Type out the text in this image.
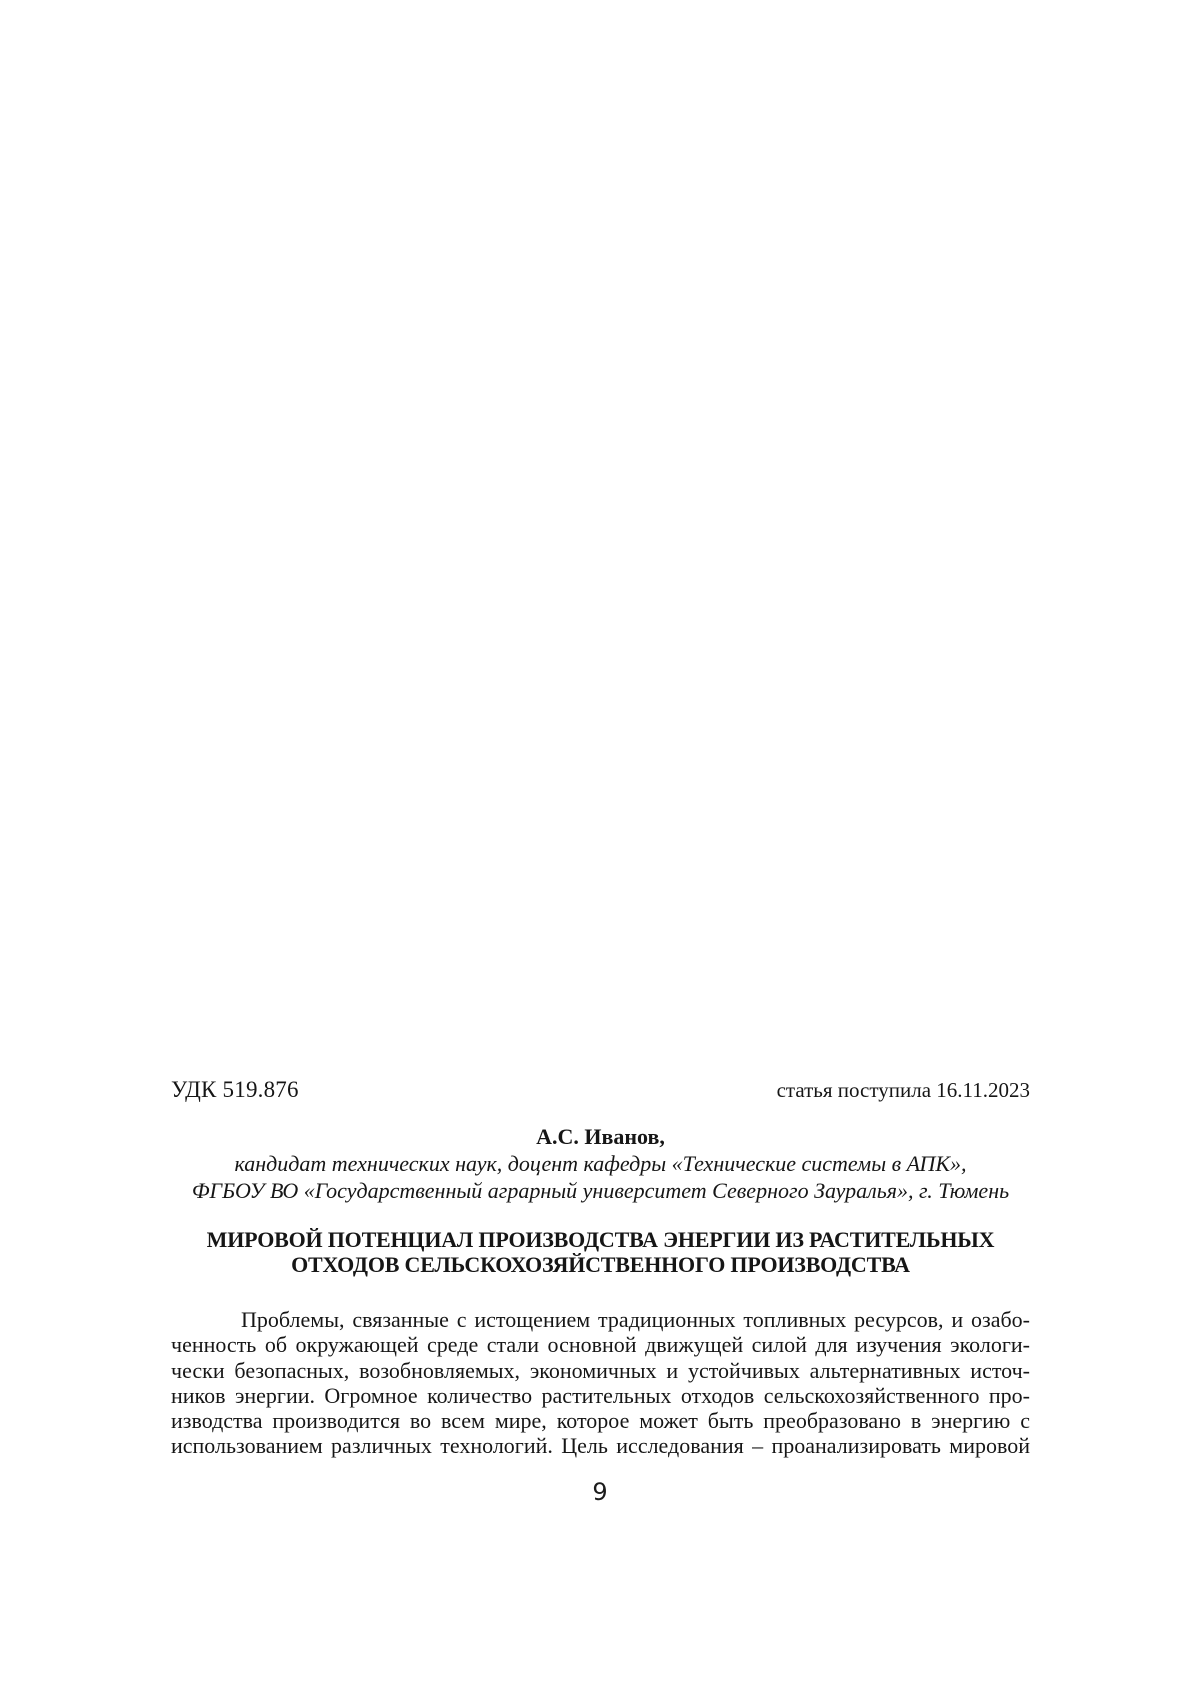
УДК 519.876	статья поступила 16.11.2023
А.С. Иванов,
кандидат технических наук, доцент кафедры «Технические системы в АПК»,
ФГБОУ ВО «Государственный аграрный университет Северного Зауралья», г. Тюмень
МИРОВОЙ ПОТЕНЦИАЛ ПРОИЗВОДСТВА ЭНЕРГИИ ИЗ РАСТИТЕЛЬНЫХ
ОТХОДОВ СЕЛЬСКОХОЗЯЙСТВЕННОГО ПРОИЗВОДСТВА
Проблемы, связанные с истощением традиционных топливных ресурсов, и озабо-
ченность об окружающей среде стали основной движущей силой для изучения экологи-
чески безопасных, возобновляемых, экономичных и устойчивых альтернативных источ-
ников энергии. Огромное количество растительных отходов сельскохозяйственного про-
изводства производится во всем мире, которое может быть преобразовано в энергию с
использованием различных технологий. Цель исследования – проанализировать мировой
9
